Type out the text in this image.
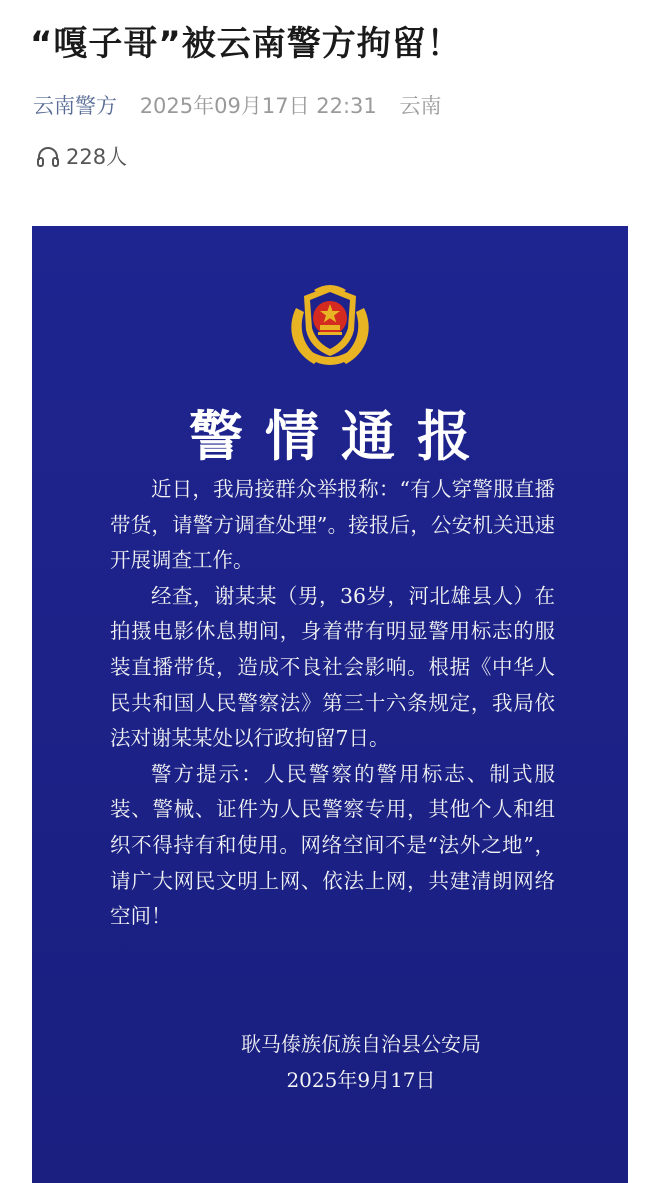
“嘎子哥”被云南警方拘留！
云南警方 2025年09月17日 22:31 云南
228人
警情通报

近日，我局接群众举报称：“有人穿警服直播带货，请警方调查处理”。接报后，公安机关迅速开展调查工作。

经查，谢某某（男，36岁，河北雄县人）在拍摄电影休息期间，身着带有明显警用标志的服装直播带货，造成不良社会影响。根据《中华人民共和国人民警察法》第三十六条规定，我局依法对谢某某处以行政拘留7日。

警方提示：人民警察的警用标志、制式服装、警械、证件为人民警察专用，其他个人和组织不得持有和使用。网络空间不是“法外之地”，请广大网民文明上网、依法上网，共建清朗网络空间！

耿马傣族佤族自治县公安局
2025年9月17日
